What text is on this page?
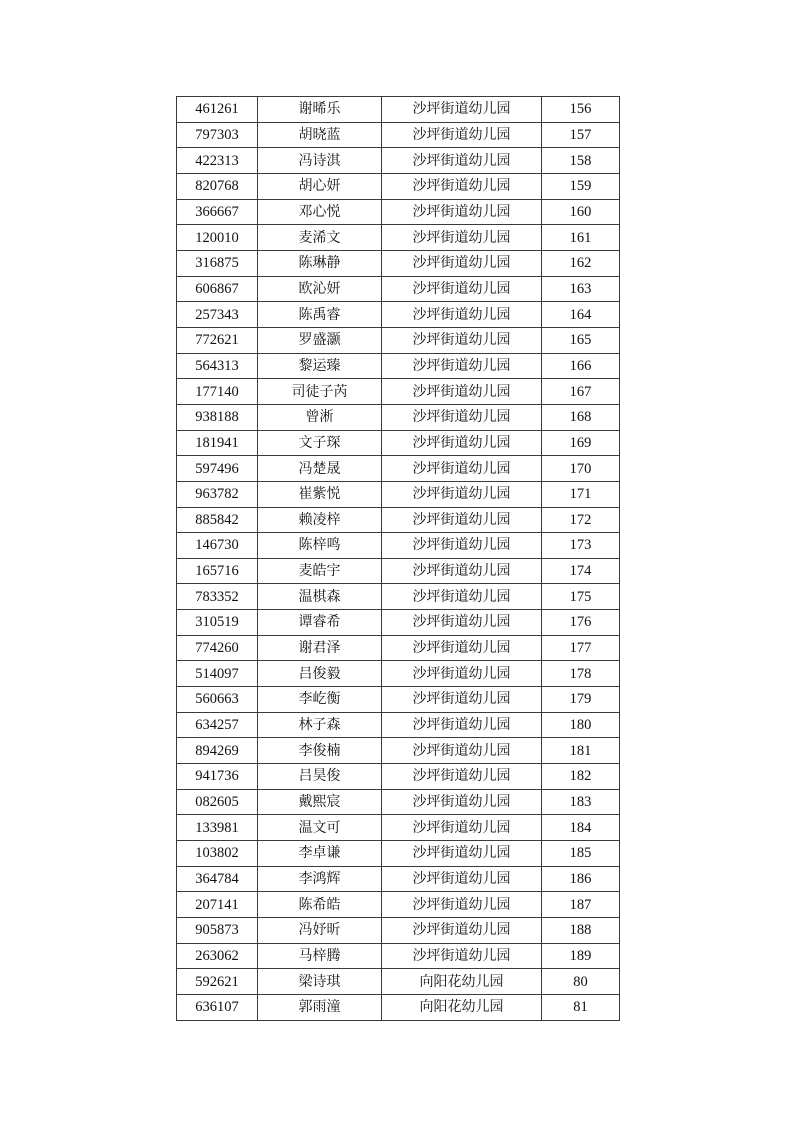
461261	谢晞乐	沙坪街道幼儿园	156
797303	胡晓蓝	沙坪街道幼儿园	157
422313	冯诗淇	沙坪街道幼儿园	158
820768	胡心妍	沙坪街道幼儿园	159
366667	邓心悦	沙坪街道幼儿园	160
120010	麦浠文	沙坪街道幼儿园	161
316875	陈琳静	沙坪街道幼儿园	162
606867	欧沁妍	沙坪街道幼儿园	163
257343	陈禹睿	沙坪街道幼儿园	164
772621	罗盛灏	沙坪街道幼儿园	165
564313	黎运臻	沙坪街道幼儿园	166
177140	司徒子芮	沙坪街道幼儿园	167
938188	曾淅	沙坪街道幼儿园	168
181941	文子琛	沙坪街道幼儿园	169
597496	冯楚晟	沙坪街道幼儿园	170
963782	崔紫悦	沙坪街道幼儿园	171
885842	赖凌梓	沙坪街道幼儿园	172
146730	陈梓鸣	沙坪街道幼儿园	173
165716	麦皓宇	沙坪街道幼儿园	174
783352	温棋森	沙坪街道幼儿园	175
310519	谭睿希	沙坪街道幼儿园	176
774260	谢君泽	沙坪街道幼儿园	177
514097	吕俊毅	沙坪街道幼儿园	178
560663	李屹衡	沙坪街道幼儿园	179
634257	林子森	沙坪街道幼儿园	180
894269	李俊楠	沙坪街道幼儿园	181
941736	吕昊俊	沙坪街道幼儿园	182
082605	戴熙宸	沙坪街道幼儿园	183
133981	温文可	沙坪街道幼儿园	184
103802	李卓谦	沙坪街道幼儿园	185
364784	李鸿辉	沙坪街道幼儿园	186
207141	陈希皓	沙坪街道幼儿园	187
905873	冯妤昕	沙坪街道幼儿园	188
263062	马梓腾	沙坪街道幼儿园	189
592621	梁诗琪	向阳花幼儿园	80
636107	郭雨潼	向阳花幼儿园	81
